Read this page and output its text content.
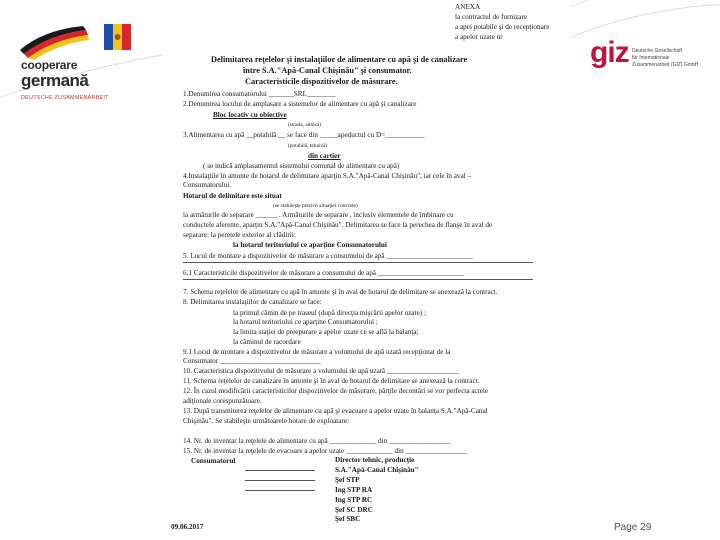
cooperare
germană
DEUTSCHE ZUSAMMENARBEIT
giz Deutsche Gesellschaft
für Internationale
Zusammenarbeit (GIZ) GmbH
ANEXA
la contractul de furnizare
a apei potabile şi de recepţionare
a apelor uzate nr
Delimitarea reţelelor şi instalaţiilor de alimentare cu apă şi de canalizare
între S.A."Apă-Canal Chişinău" şi consumator.
Caracteristicile dispozitivelor de măsurare.
1.Denumirea consumatorului _______SRL________
2.Denumirea locului de amplasare a sistemelor de alimentare cu apă şi canalizare
Bloc locativ cu obiective
(strada, adresa)
3.Alimentarea cu apă __potabilă __ se face din _____apeductul cu D=___________
(potabilă, tehnică)
din cartier
( se indică amplasamentul sistemului comunal de alimentare cu apă)
4.Instalaţiile în amonte de hotarul de delimitare aparţin S.A."Apă-Canal Chişinău", iar cele în aval –
Consumatorului.
Hotarul de delimitare este situat
(se stabileşte potrivit situaţiei concrete)
la armăturile de separare ______ . Armăturile de separare , inclusiv elementele de îmbinare cu
conductele aferente, aparţin S.A."Apă-Canal Chişinău". Delimitarea se face la perechea de flanşe în aval de
separare: la peretele exterior al clădirii;
la hotarul teritoriului ce aparţine Consumatorului
5. Locul de montare a dispozitivelor de măsurare a consumului de apă ________________________
6.1 Caracteristicile dispozitivelor de măsurare a consumului de apă ________________________
7. Schema reţelelor de alimentare cu apă în amonte şi în aval de hotarul de delimitare se anexează la contract.
8. Delimitarea instalaţiilor de canalizare se face:
la primul cămin de pe traseul (după direcţia mişcării apelor uzate) ;
la hotarul teritoriului ce aparţine Consumatorului ;
la limita staţiei de preepurare a apelor uzate ce se află la balanţa;
la căminul de racordare
9.1 Locul de montare a dispozitivelor de măsurare a volumului de apă uzată recepţionat de la
Consumator ____________________________
10. Caracteristica dispozitivului de măsurare a volumului de apă uzată ____________________
11. Schema reţelelor de canalizare în amonte şi în aval de hotarul de delimitare se anexează la contract.
12. În cazul modificării caracteristicilor dispozitivelor de măsurare, părţile decontări se vor perfecta actele
adiţionale corespunzătoare.
13. După transmiterea reţelelor de alimentare cu apă şi evacuare a apelor uzate în balanţa S.A."Apă-Canal
Chişinău". Se stabileşte următoarele hotare de exploatare:
14. Nr. de inventar la reţelele de alimentare cu apă _____________ din _________________
15. Nr. de inventar la reţelele de evacuare a apelor uzate _____________ din _________________
Consumatorul	Director tehnic, producţie
S.A."Apă-Canal Chişinău"
Şef STP
Ing STP RA
Ing STP RC
Şef SC DRC
Şef SBC
09.06.2017	Page 29
